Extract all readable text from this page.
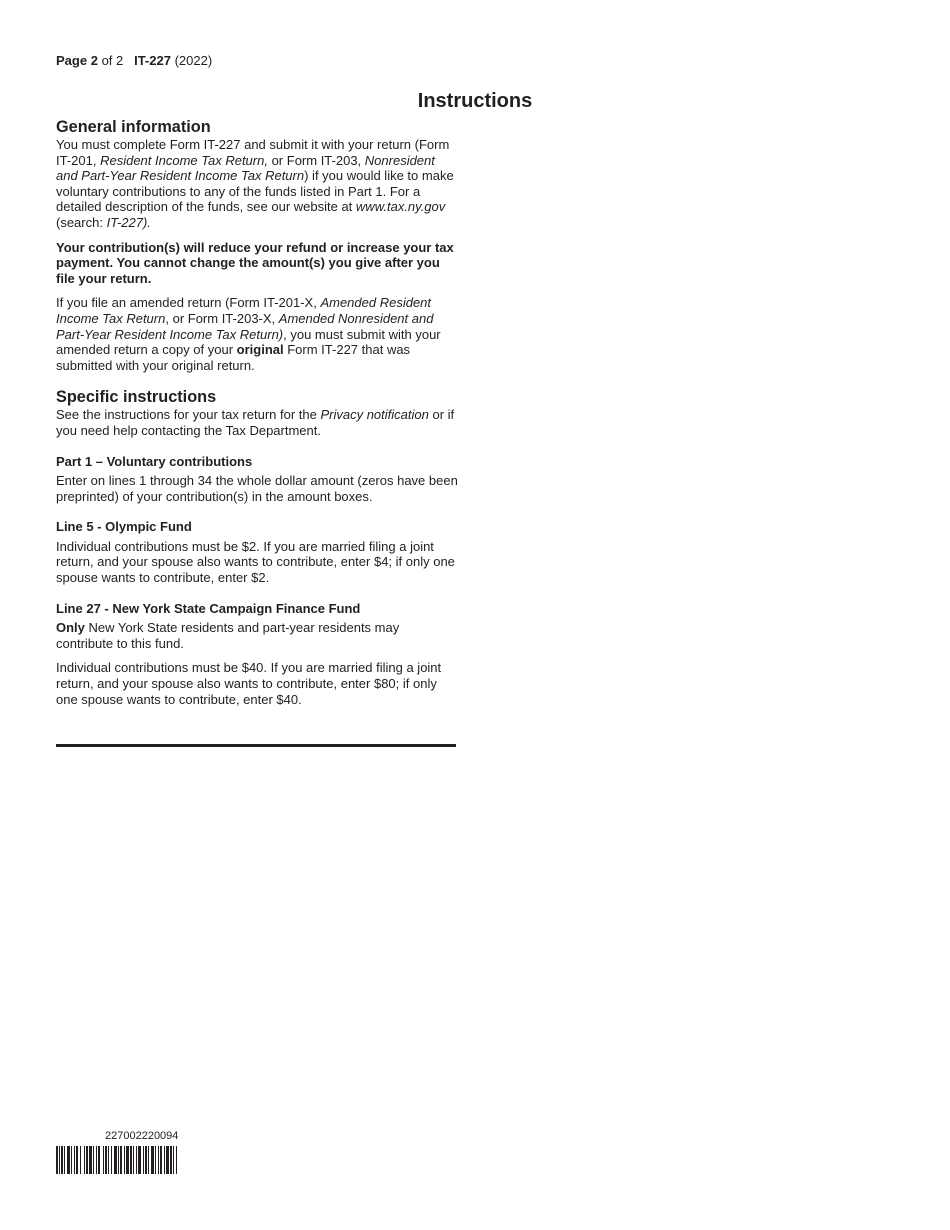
Page 2 of 2 IT-227 (2022)
Instructions
General information

You must complete Form IT-227 and submit it with your return (Form IT-201, Resident Income Tax Return, or Form IT-203, Nonresident and Part-Year Resident Income Tax Return) if you would like to make voluntary contributions to any of the funds listed in Part 1. For a detailed description of the funds, see our website at www.tax.ny.gov (search: IT-227).

Your contribution(s) will reduce your refund or increase your tax payment. You cannot change the amount(s) you give after you file your return.

If you file an amended return (Form IT-201-X, Amended Resident Income Tax Return, or Form IT-203-X, Amended Nonresident and Part-Year Resident Income Tax Return), you must submit with your amended return a copy of your original Form IT-227 that was submitted with your original return.

Specific instructions

See the instructions for your tax return for the Privacy notification or if you need help contacting the Tax Department.

Part 1 – Voluntary contributions

Enter on lines 1 through 34 the whole dollar amount (zeros have been preprinted) of your contribution(s) in the amount boxes.

Line 5 - Olympic Fund

Individual contributions must be $2. If you are married filing a joint return, and your spouse also wants to contribute, enter $4; if only one spouse wants to contribute, enter $2.

Line 27 - New York State Campaign Finance Fund

Only New York State residents and part-year residents may contribute to this fund.

Individual contributions must be $40. If you are married filing a joint return, and your spouse also wants to contribute, enter $80; if only one spouse wants to contribute, enter $40.

227002220094
